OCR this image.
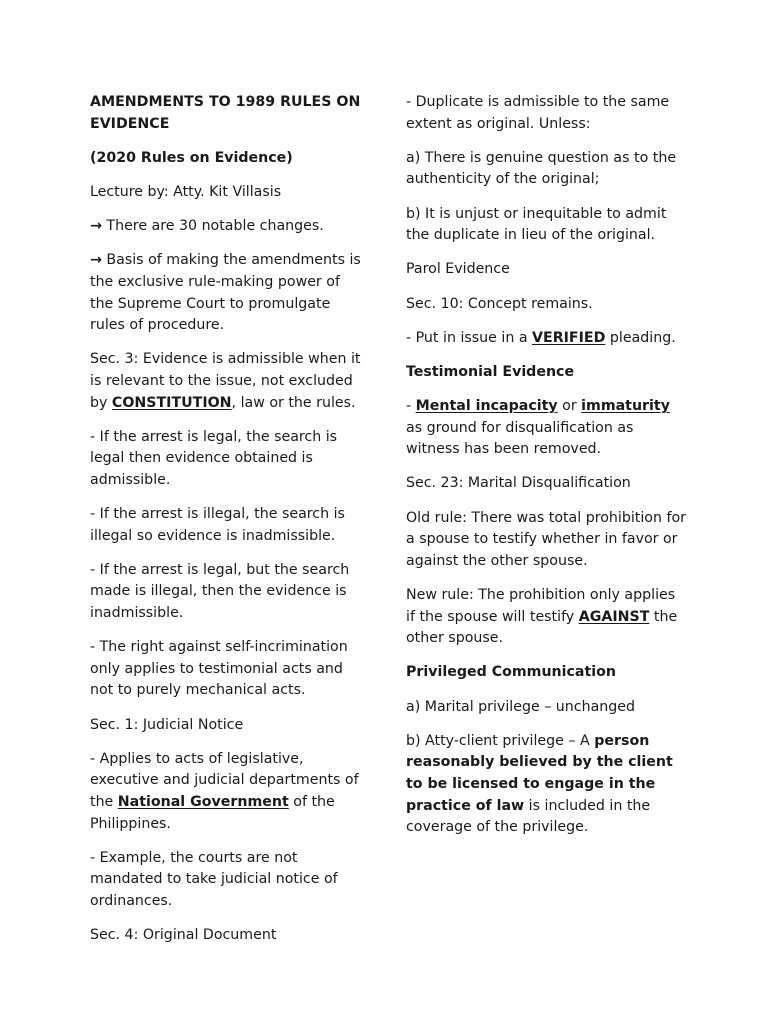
AMENDMENTS TO 1989 RULES ON EVIDENCE

(2020 Rules on Evidence)

Lecture by: Atty. Kit Villasis

→ There are 30 notable changes.

→ Basis of making the amendments is the exclusive rule-making power of the Supreme Court to promulgate rules of procedure.

Sec. 3: Evidence is admissible when it is relevant to the issue, not excluded by CONSTITUTION, law or the rules.

- If the arrest is legal, the search is legal then evidence obtained is admissible.

- If the arrest is illegal, the search is illegal so evidence is inadmissible.

- If the arrest is legal, but the search made is illegal, then the evidence is inadmissible.

- The right against self-incrimination only applies to testimonial acts and not to purely mechanical acts.

Sec. 1: Judicial Notice

- Applies to acts of legislative, executive and judicial departments of the National Government of the Philippines.

- Example, the courts are not mandated to take judicial notice of ordinances.

Sec. 4: Original Document

- Duplicate is admissible to the same extent as original. Unless:

a) There is genuine question as to the authenticity of the original;

b) It is unjust or inequitable to admit the duplicate in lieu of the original.

Parol Evidence

Sec. 10: Concept remains.

- Put in issue in a VERIFIED pleading.

Testimonial Evidence

- Mental incapacity or immaturity as ground for disqualification as witness has been removed.

Sec. 23: Marital Disqualification

Old rule: There was total prohibition for a spouse to testify whether in favor or against the other spouse.

New rule: The prohibition only applies if the spouse will testify AGAINST the other spouse.

Privileged Communication

a) Marital privilege – unchanged

b) Atty-client privilege – A person reasonably believed by the client to be licensed to engage in the practice of law is included in the coverage of the privilege.
